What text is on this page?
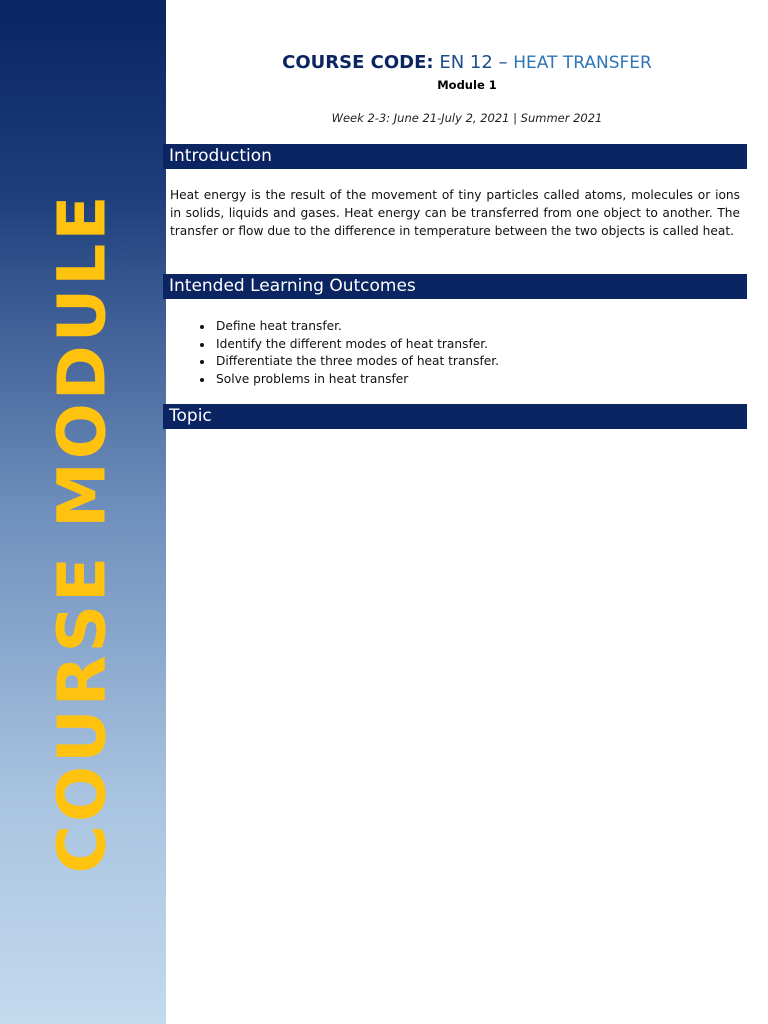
COURSE MODULE
COURSE CODE: EN 12 – HEAT TRANSFER
Module 1
Week 2-3: June 21-July 2, 2021 | Summer 2021
Introduction
Heat energy is the result of the movement of tiny particles called atoms, molecules or ions in solids, liquids and gases. Heat energy can be transferred from one object to another. The transfer or flow due to the difference in temperature between the two objects is called heat.
Intended Learning Outcomes
• Define heat transfer.
• Identify the different modes of heat transfer.
• Differentiate the three modes of heat transfer.
• Solve problems in heat transfer
Topic
